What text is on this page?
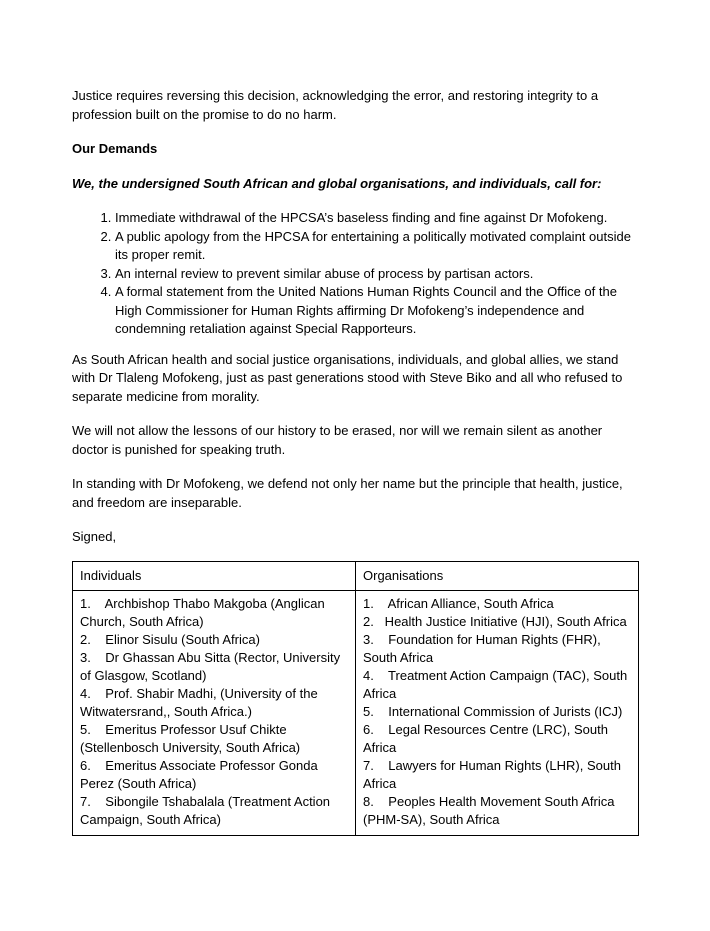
Justice requires reversing this decision, acknowledging the error, and restoring integrity to a profession built on the promise to do no harm.

Our Demands

We, the undersigned South African and global organisations, and individuals, call for:

1. Immediate withdrawal of the HPCSA’s baseless finding and fine against Dr Mofokeng.
2. A public apology from the HPCSA for entertaining a politically motivated complaint outside its proper remit.
3. An internal review to prevent similar abuse of process by partisan actors.
4. A formal statement from the United Nations Human Rights Council and the Office of the High Commissioner for Human Rights affirming Dr Mofokeng’s independence and condemning retaliation against Special Rapporteurs.

As South African health and social justice organisations, individuals, and global allies, we stand with Dr Tlaleng Mofokeng, just as past generations stood with Steve Biko and all who refused to separate medicine from morality.

We will not allow the lessons of our history to be erased, nor will we remain silent as another doctor is punished for speaking truth.

In standing with Dr Mofokeng, we defend not only her name but the principle that health, justice, and freedom are inseparable.

Signed,

Individuals	Organisations

1.    Archbishop Thabo Makgoba (Anglican Church, South Africa)
2.    Elinor Sisulu (South Africa)
3.    Dr Ghassan Abu Sitta (Rector, University of Glasgow, Scotland)
4.    Prof. Shabir Madhi, (University of the Witwatersrand,, South Africa.)
5.    Emeritus Professor Usuf Chikte (Stellenbosch University, South Africa)
6.    Emeritus Associate Professor Gonda Perez (South Africa)
7.    Sibongile Tshabalala (Treatment Action Campaign, South Africa)

1.    African Alliance, South Africa
2.   Health Justice Initiative (HJI), South Africa
3.    Foundation for Human Rights (FHR), South Africa
4.    Treatment Action Campaign (TAC), South Africa
5.    International Commission of Jurists (ICJ)
6.    Legal Resources Centre (LRC), South Africa
7.    Lawyers for Human Rights (LHR), South Africa
8.    Peoples Health Movement South Africa (PHM-SA), South Africa
